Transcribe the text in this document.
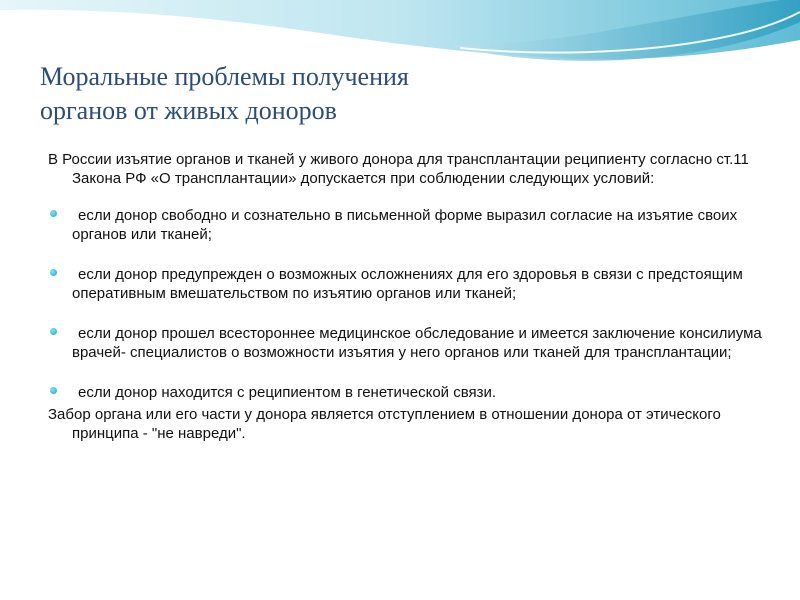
Моральные проблемы получения
органов от живых доноров

В России изъятие органов и тканей у живого донора для трансплантации реципиенту согласно ст.11 Закона РФ «О трансплантации» допускается при соблюдении следующих условий:

если донор свободно и сознательно в письменной форме выразил согласие на изъятие своих органов или тканей;
если донор предупрежден о возможных осложнениях для его здоровья в связи с предстоящим оперативным вмешательством по изъятию органов или тканей;
если донор прошел всестороннее медицинское обследование и имеется заключение консилиума врачей- специалистов о возможности изъятия у него органов или тканей для трансплантации;
если донор находится с реципиентом в генетической связи.

Забор органа или его части у донора является отступлением в отношении донора от этического принципа - "не навреди".
